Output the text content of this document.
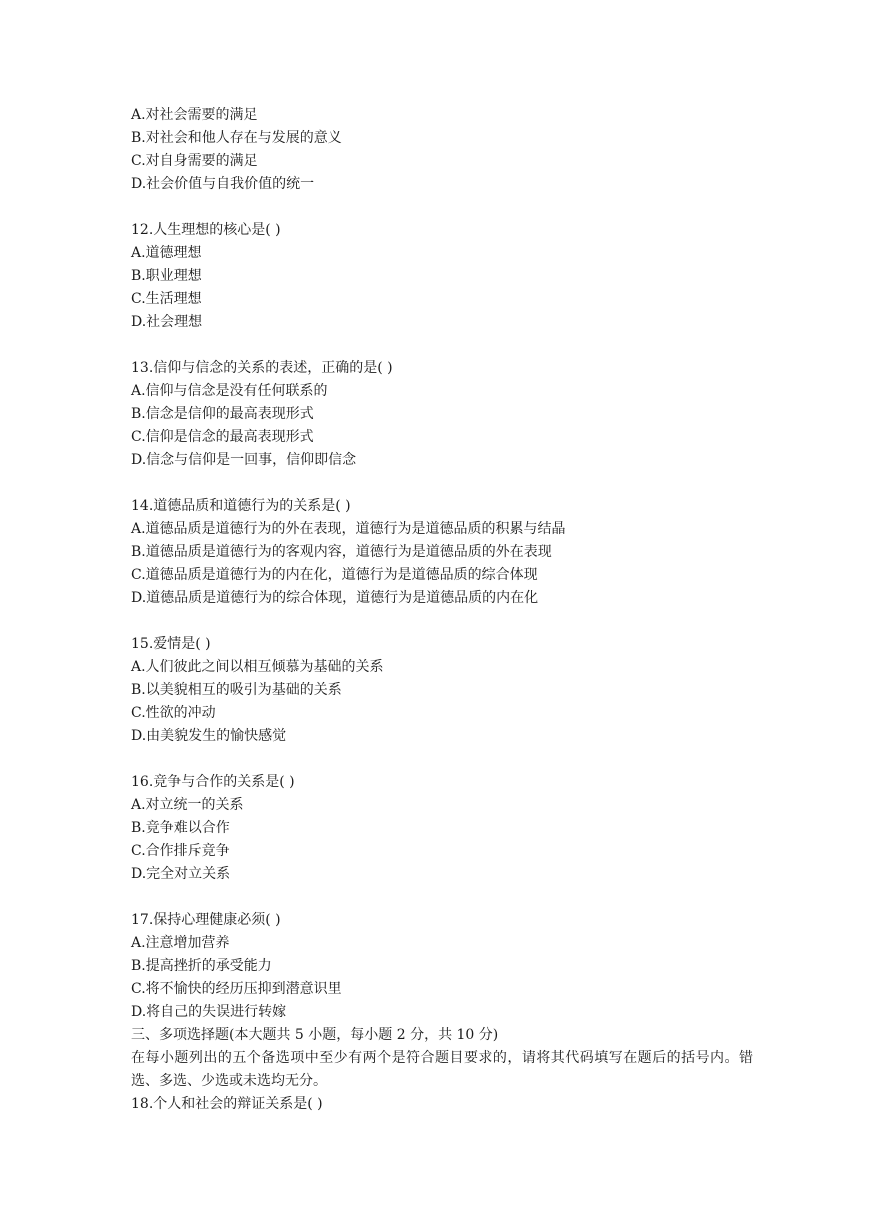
A.对社会需要的满足
B.对社会和他人存在与发展的意义
C.对自身需要的满足
D.社会价值与自我价值的统一
12.人生理想的核心是( )
A.道德理想
B.职业理想
C.生活理想
D.社会理想
13.信仰与信念的关系的表述，正确的是( )
A.信仰与信念是没有任何联系的
B.信念是信仰的最高表现形式
C.信仰是信念的最高表现形式
D.信念与信仰是一回事，信仰即信念
14.道德品质和道德行为的关系是( )
A.道德品质是道德行为的外在表现，道德行为是道德品质的积累与结晶
B.道德品质是道德行为的客观内容，道德行为是道德品质的外在表现
C.道德品质是道德行为的内在化，道德行为是道德品质的综合体现
D.道德品质是道德行为的综合体现，道德行为是道德品质的内在化
15.爱情是( )
A.人们彼此之间以相互倾慕为基础的关系
B.以美貌相互的吸引为基础的关系
C.性欲的冲动
D.由美貌发生的愉快感觉
16.竞争与合作的关系是( )
A.对立统一的关系
B.竞争难以合作
C.合作排斥竞争
D.完全对立关系
17.保持心理健康必须( )
A.注意增加营养
B.提高挫折的承受能力
C.将不愉快的经历压抑到潜意识里
D.将自己的失误进行转嫁
三、多项选择题(本大题共 5 小题，每小题 2 分，共 10 分)
在每小题列出的五个备选项中至少有两个是符合题目要求的，请将其代码填写在题后的括号内。错选、多选、少选或未选均无分。
18.个人和社会的辩证关系是( )
